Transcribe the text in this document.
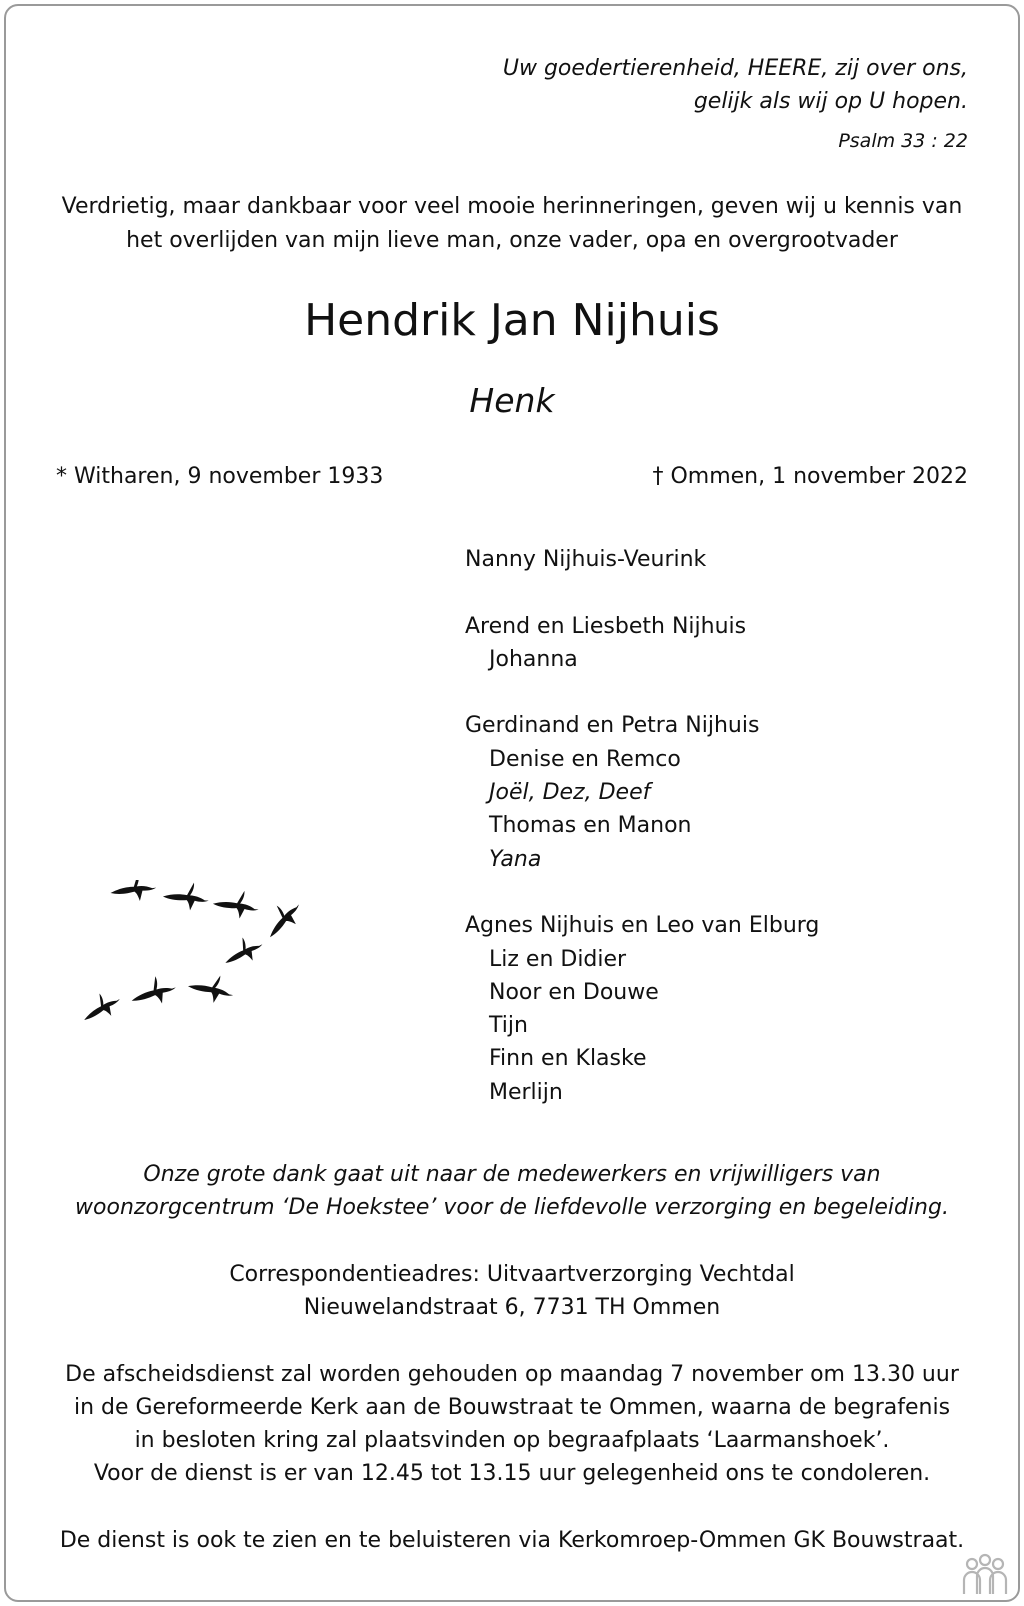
Uw goedertierenheid, HEERE, zij over ons,
gelijk als wij op U hopen.
Psalm 33 : 22
Verdrietig, maar dankbaar voor veel mooie herinneringen, geven wij u kennis van
het overlijden van mijn lieve man, onze vader, opa en overgrootvader
Hendrik Jan Nijhuis
Henk
* Witharen, 9 november 1933	† Ommen, 1 november 2022
Nanny Nijhuis-Veurink
Arend en Liesbeth Nijhuis
Johanna
Gerdinand en Petra Nijhuis
Denise en Remco
Joël, Dez, Deef
Thomas en Manon
Yana
Agnes Nijhuis en Leo van Elburg
Liz en Didier
Noor en Douwe
Tijn
Finn en Klaske
Merlijn
Onze grote dank gaat uit naar de medewerkers en vrijwilligers van
woonzorgcentrum ‘De Hoekstee’ voor de liefdevolle verzorging en begeleiding.
Correspondentieadres: Uitvaartverzorging Vechtdal
Nieuwelandstraat 6, 7731 TH Ommen
De afscheidsdienst zal worden gehouden op maandag 7 november om 13.30 uur
in de Gereformeerde Kerk aan de Bouwstraat te Ommen, waarna de begrafenis
in besloten kring zal plaatsvinden op begraafplaats ‘Laarmanshoek’.
Voor de dienst is er van 12.45 tot 13.15 uur gelegenheid ons te condoleren.
De dienst is ook te zien en te beluisteren via Kerkomroep-Ommen GK Bouwstraat.
